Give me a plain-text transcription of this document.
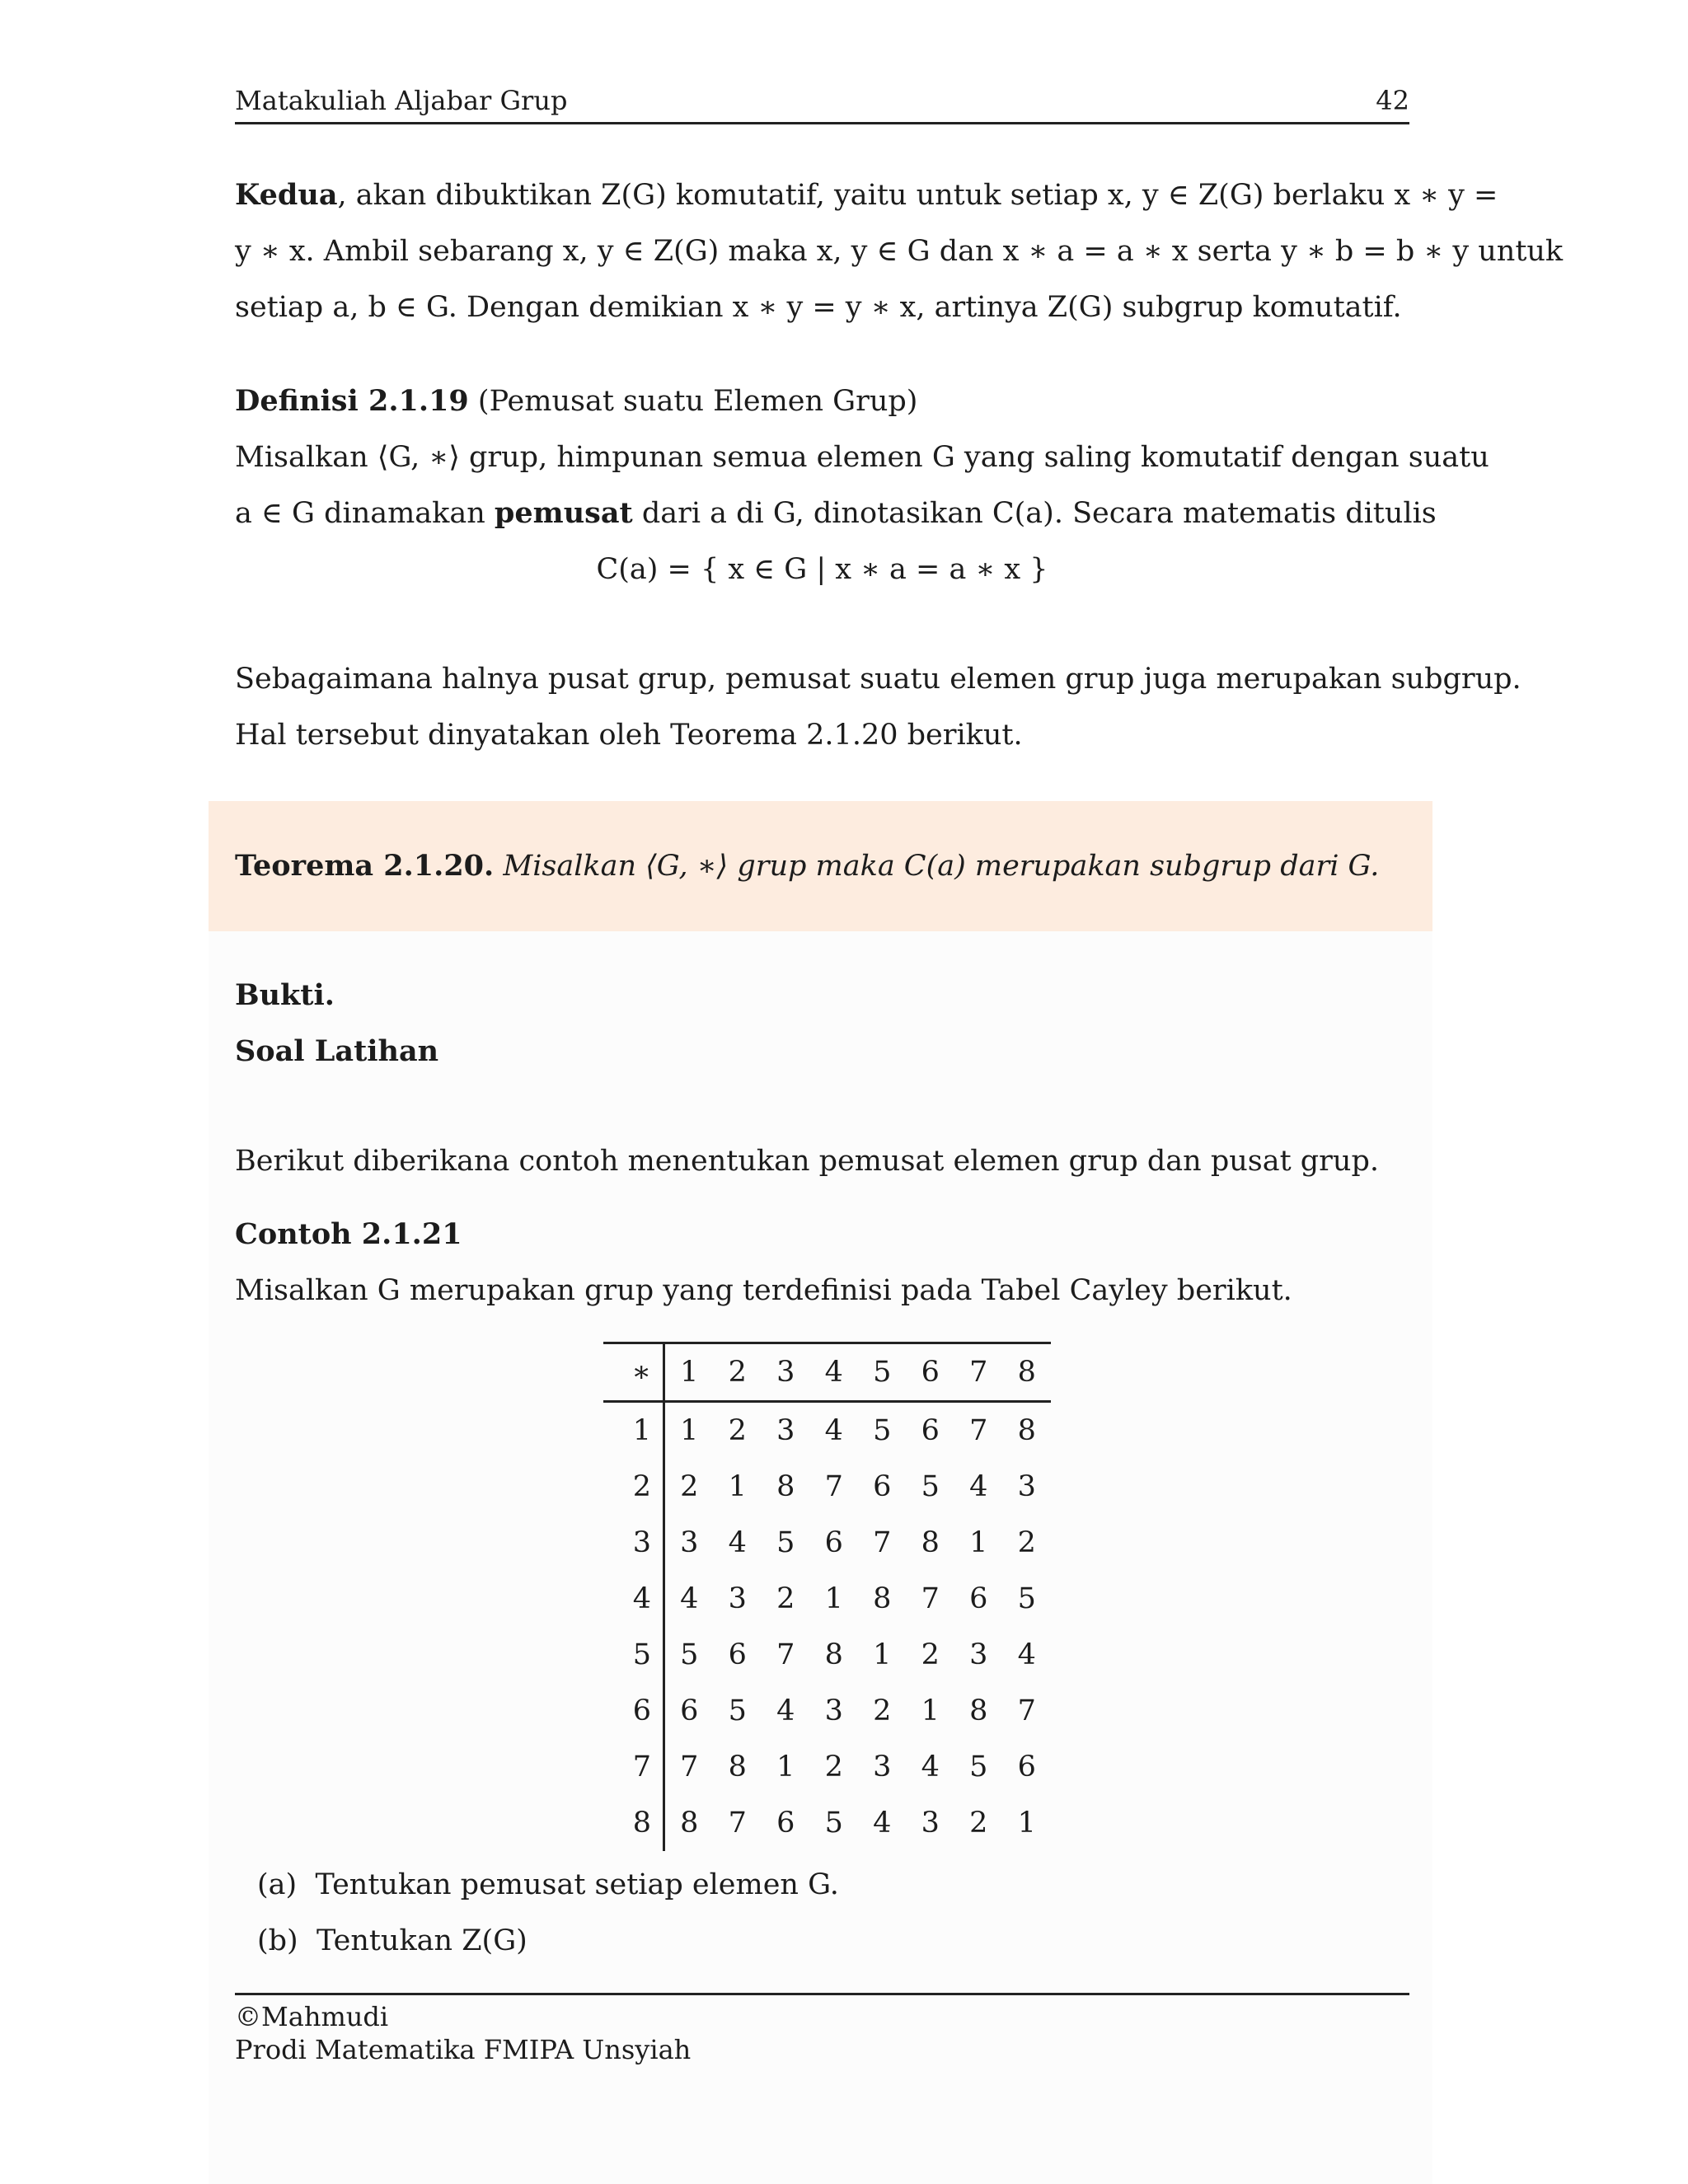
Matakuliah Aljabar Grup	42
Kedua, akan dibuktikan Z(G) komutatif, yaitu untuk setiap x, y ∈ Z(G) berlaku x ∗ y =
y ∗ x. Ambil sebarang x, y ∈ Z(G) maka x, y ∈ G dan x ∗ a = a ∗ x serta y ∗ b = b ∗ y untuk
setiap a, b ∈ G. Dengan demikian x ∗ y = y ∗ x, artinya Z(G) subgrup komutatif.
Definisi 2.1.19 (Pemusat suatu Elemen Grup)
Misalkan ⟨G, ∗⟩ grup, himpunan semua elemen G yang saling komutatif dengan suatu
a ∈ G dinamakan pemusat dari a di G, dinotasikan C(a). Secara matematis ditulis
C(a) = { x ∈ G | x ∗ a = a ∗ x }
Sebagaimana halnya pusat grup, pemusat suatu elemen grup juga merupakan subgrup.
Hal tersebut dinyatakan oleh Teorema 2.1.20 berikut.
Teorema 2.1.20. Misalkan ⟨G, ∗⟩ grup maka C(a) merupakan subgrup dari G.
Bukti.
Soal Latihan
Berikut diberikana contoh menentukan pemusat elemen grup dan pusat grup.
Contoh 2.1.21
Misalkan G merupakan grup yang terdefinisi pada Tabel Cayley berikut.
∗	1	2	3	4	5	6	7	8
1	1	2	3	4	5	6	7	8
2	2	1	8	7	6	5	4	3
3	3	4	5	6	7	8	1	2
4	4	3	2	1	8	7	6	5
5	5	6	7	8	1	2	3	4
6	6	5	4	3	2	1	8	7
7	7	8	1	2	3	4	5	6
8	8	7	6	5	4	3	2	1
(a) Tentukan pemusat setiap elemen G.
(b) Tentukan Z(G)
©Mahmudi
Prodi Matematika FMIPA Unsyiah
